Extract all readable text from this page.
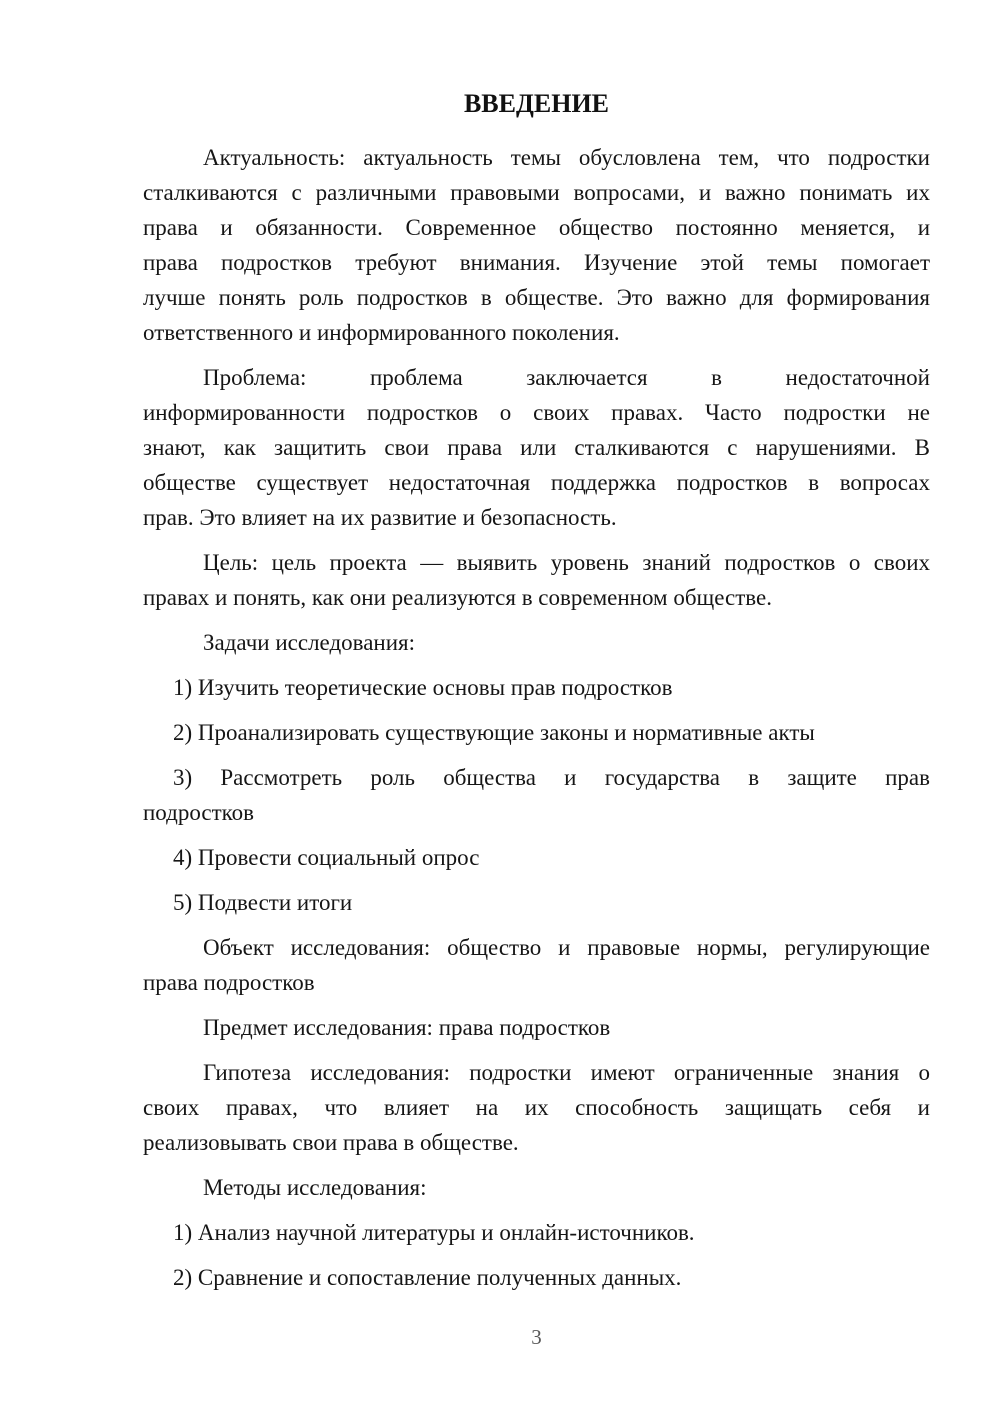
ВВЕДЕНИЕ
Актуальность: актуальность темы обусловлена тем, что подростки
сталкиваются с различными правовыми вопросами, и важно понимать их
права и обязанности. Современное общество постоянно меняется, и
права подростков требуют внимания. Изучение этой темы помогает
лучше понять роль подростков в обществе. Это важно для формирования
ответственного и информированного поколения.
Проблема: проблема заключается в недостаточной
информированности подростков о своих правах. Часто подростки не
знают, как защитить свои права или сталкиваются с нарушениями. В
обществе существует недостаточная поддержка подростков в вопросах
прав. Это влияет на их развитие и безопасность.
Цель: цель проекта — выявить уровень знаний подростков о своих
правах и понять, как они реализуются в современном обществе.
Задачи исследования:
1) Изучить теоретические основы прав подростков
2) Проанализировать существующие законы и нормативные акты
3) Рассмотреть роль общества и государства в защите прав
подростков
4) Провести социальный опрос
5) Подвести итоги
Объект исследования: общество и правовые нормы, регулирующие
права подростков
Предмет исследования: права подростков
Гипотеза исследования: подростки имеют ограниченные знания о
своих правах, что влияет на их способность защищать себя и
реализовывать свои права в обществе.
Методы исследования:
1) Анализ научной литературы и онлайн-источников.
2) Сравнение и сопоставление полученных данных.
3
